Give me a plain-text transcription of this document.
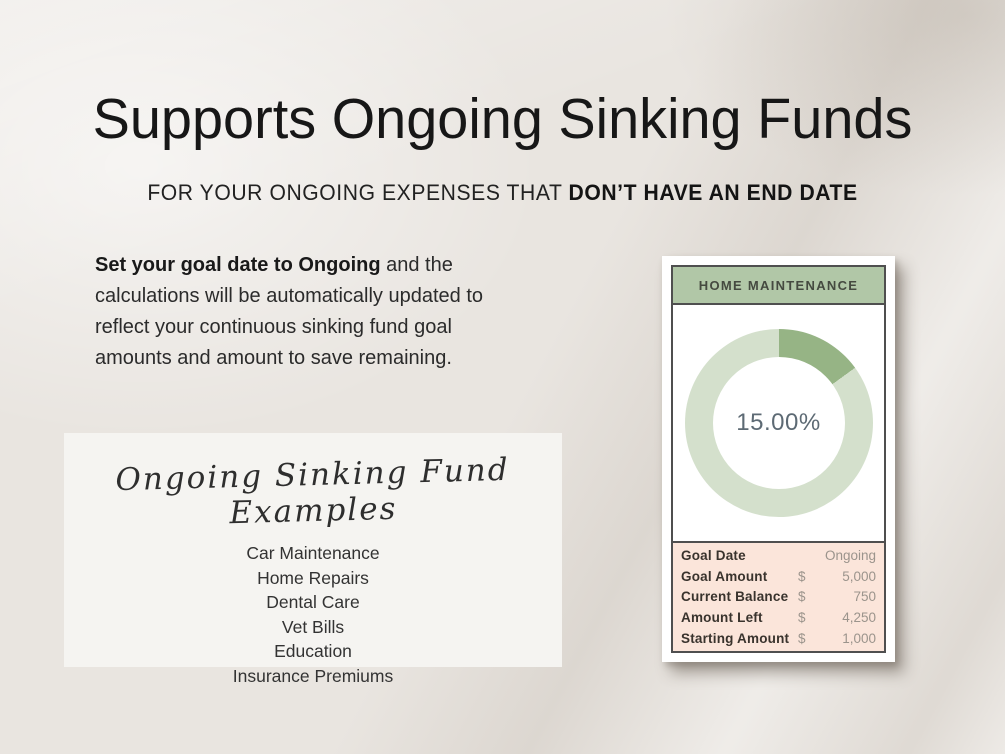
Supports Ongoing Sinking Funds

FOR YOUR ONGOING EXPENSES THAT DON’T HAVE AN END DATE

Set your goal date to Ongoing and the calculations will be automatically updated to reflect your continuous sinking fund goal amounts and amount to save remaining.

Ongoing Sinking Fund Examples
Car Maintenance
Home Repairs
Dental Care
Vet Bills
Education
Insurance Premiums
HOME MAINTENANCE
15.00%
Goal Date	Ongoing
Goal Amount	$	5,000
Current Balance $	750
Amount Left	$	4,250
Starting Amount $	1,000
